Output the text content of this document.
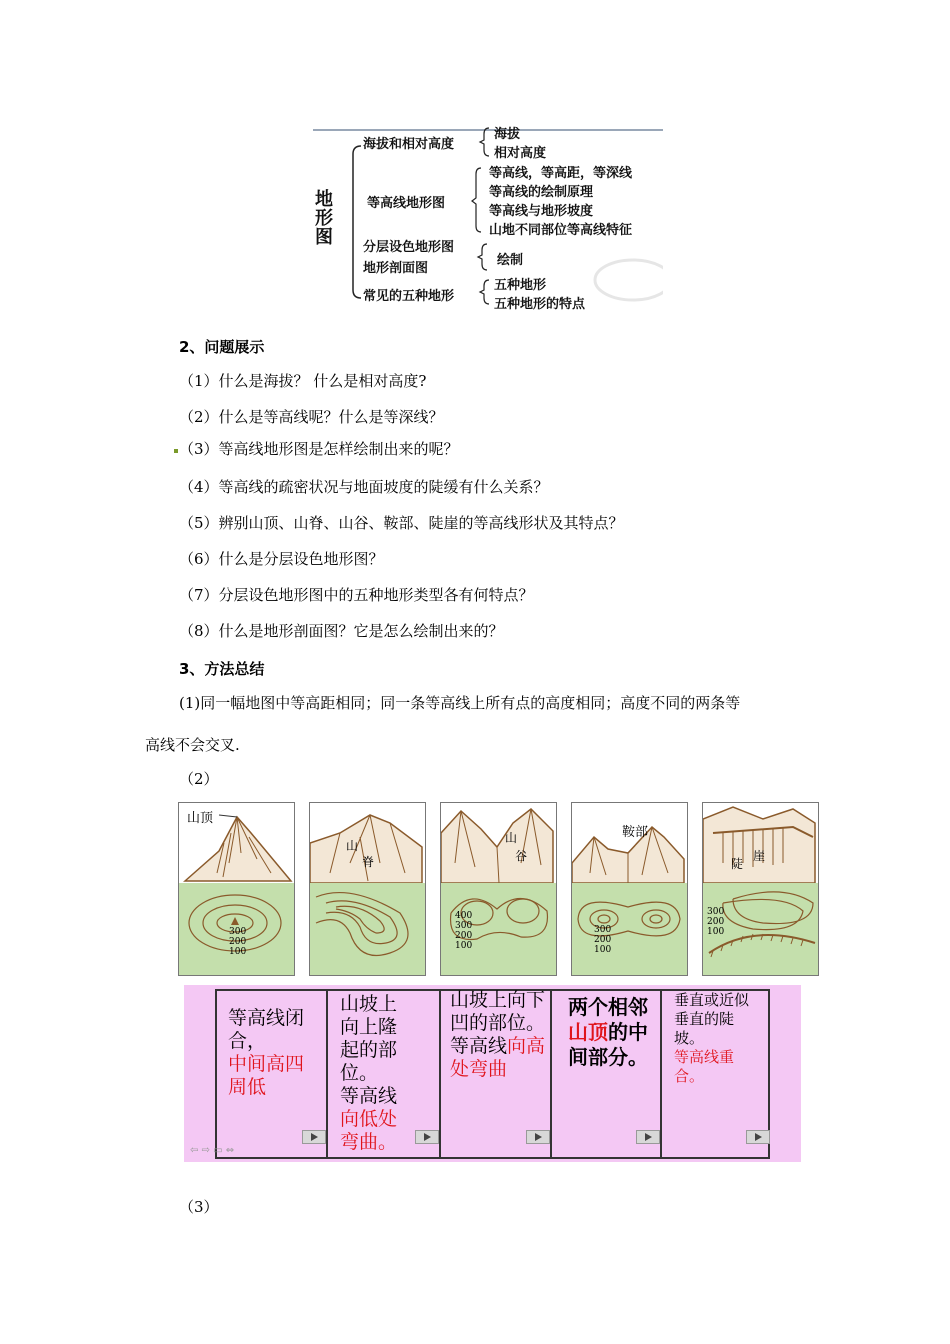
地形图
海拔和相对高度
海拔
相对高度
等高线地形图
等高线，等高距，等深线
等高线的绘制原理
等高线与地形坡度
山地不同部位等高线特征
分层设色地形图
地形剖面图
绘制
常见的五种地形
五种地形
五种地形的特点
2、问题展示
（1）什么是海拔？ 什么是相对高度?
（2）什么是等高线呢？什么是等深线？
（3）等高线地形图是怎样绘制出来的呢？
（4）等高线的疏密状况与地面坡度的陡缓有什么关系？
（5）辨别山顶、山脊、山谷、鞍部、陡崖的等高线形状及其特点？
（6）什么是分层设色地形图？
（7）分层设色地形图中的五种地形类型各有何特点？
（8）什么是地形剖面图？它是怎么绘制出来的？
3、方法总结
(1)同一幅地图中等高距相同；同一条等高线上所有点的高度相同；高度不同的两条等
高线不会交叉.
（2）
山顶
300
200
100
山
脊
山
谷
400
300
200
100
鞍部
300
200
100
陡
崖
300
200
100
等高线闭合，
中间高四周低
山坡上向上隆起的部位。
等高线
向低处弯曲。
山坡上向下凹的部位。
等高线向高处弯曲
两个相邻山顶的中间部分。
垂直或近似垂直的陡坡。
等高线重合。
⇦ ⇨ ▭ ⇔
（3）
